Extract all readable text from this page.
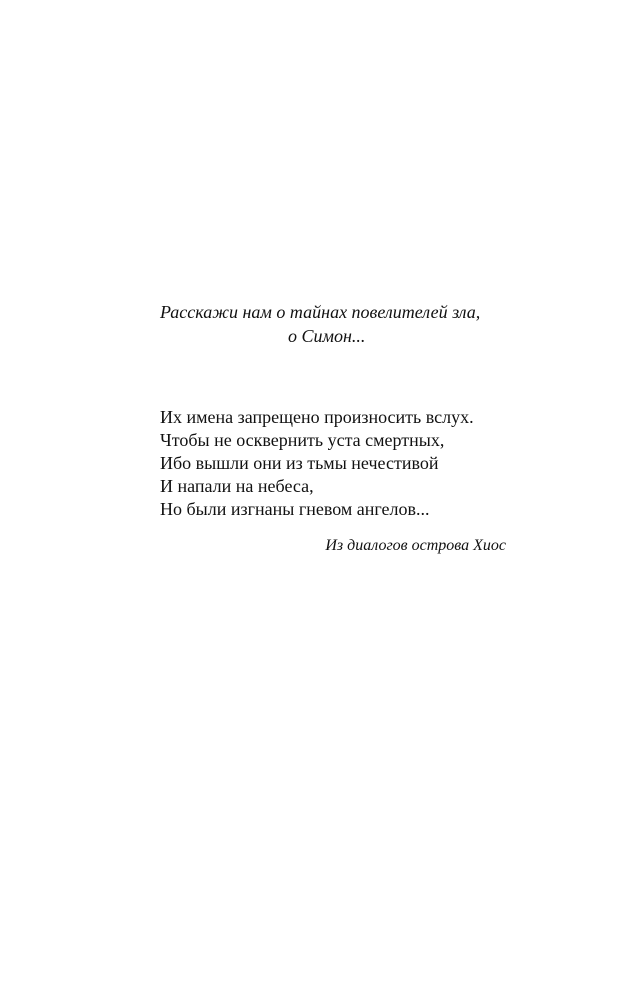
Расскажи нам о тайнах повелителей зла,
о Симон...

Их имена запрещено произносить вслух.
Чтобы не осквернить уста смертных,
Ибо вышли они из тьмы нечестивой
И напали на небеса,
Но были изгнаны гневом ангелов...

Из диалогов острова Хиос
